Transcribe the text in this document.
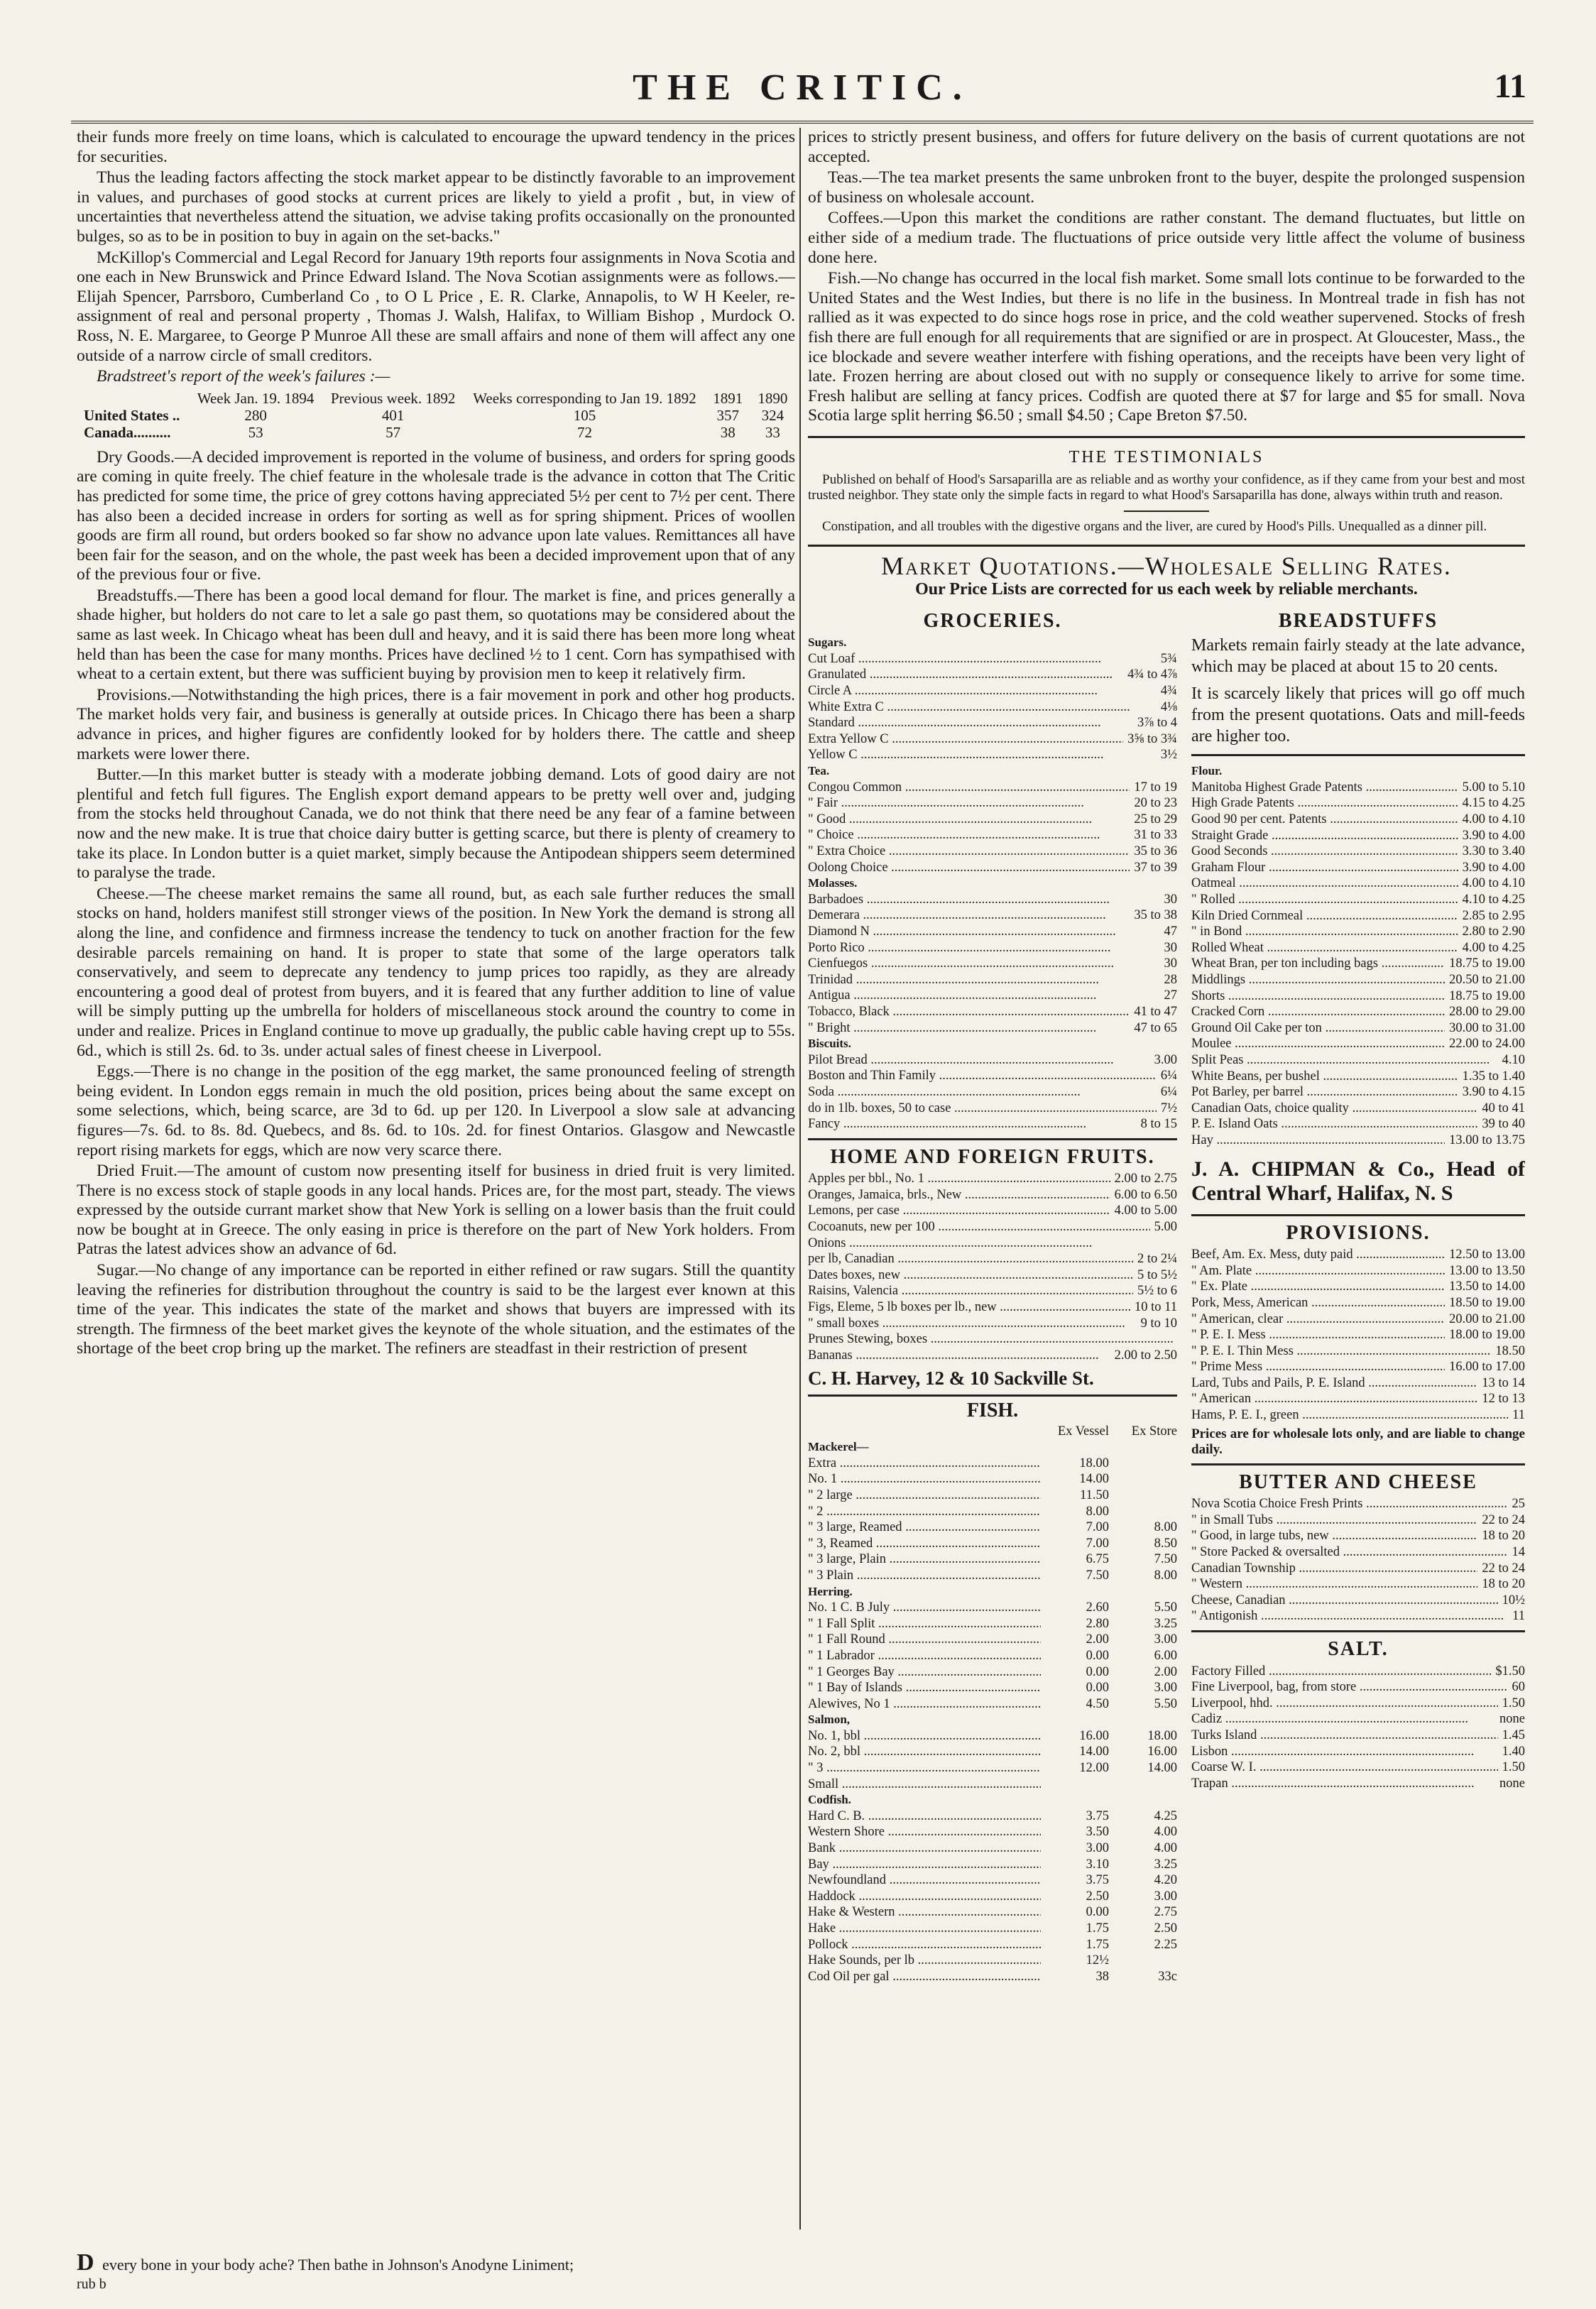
THE CRITIC.	11

their funds more freely on time loans, which is calculated to encourage the upward tendency in the prices for securities.

Thus the leading factors affecting the stock market appear to be distinctly favorable to an improvement in values, and purchases of good stocks at current prices are likely to yield a profit , but, in view of uncertainties that nevertheless attend the situation, we advise taking profits occasionally on the pronounted bulges, so as to be in position to buy in again on the set-backs."

McKillop's Commercial and Legal Record for January 19th reports four assignments in Nova Scotia and one each in New Brunswick and Prince Edward Island. The Nova Scotian assignments were as follows.—Elijah Spencer, Parrsboro, Cumberland Co , to O L Price , E. R. Clarke, Annapolis, to W H Keeler, re-assignment of real and personal property , Thomas J. Walsh, Halifax, to William Bishop , Murdock O. Ross, N. E. Margaree, to George P Munroe All these are small affairs and none of them will affect any one outside of a narrow circle of small creditors.

Bradstreet's report of the week's failures :—

	Week Jan. 19. 1894	Previous week. 1892	Weeks corresponding to Jan 19. 1892	1891	1890
United States ..	280	401	105	357	324
Canada..........	53	57	72	38	33

Dry Goods.—A decided improvement is reported in the volume of business, and orders for spring goods are coming in quite freely. The chief feature in the wholesale trade is the advance in cotton that The Critic has predicted for some time, the price of grey cottons having appreciated 5½ per cent to 7½ per cent. There has also been a decided increase in orders for sorting as well as for spring shipment. Prices of woollen goods are firm all round, but orders booked so far show no advance upon late values. Remittances all have been fair for the season, and on the whole, the past week has been a decided improvement upon that of any of the previous four or five.

Breadstuffs.—There has been a good local demand for flour. The market is fine, and prices generally a shade higher, but holders do not care to let a sale go past them, so quotations may be considered about the same as last week. In Chicago wheat has been dull and heavy, and it is said there has been more long wheat held than has been the case for many months. Prices have declined ½ to 1 cent. Corn has sympathised with wheat to a certain extent, but there was sufficient buying by provision men to keep it relatively firm.

Provisions.—Notwithstanding the high prices, there is a fair movement in pork and other hog products. The market holds very fair, and business is generally at outside prices. In Chicago there has been a sharp advance in prices, and higher figures are confidently looked for by holders there. The cattle and sheep markets were lower there.

Butter.—In this market butter is steady with a moderate jobbing demand. Lots of good dairy are not plentiful and fetch full figures. The English export demand appears to be pretty well over and, judging from the stocks held throughout Canada, we do not think that there need be any fear of a famine between now and the new make. It is true that choice dairy butter is getting scarce, but there is plenty of creamery to take its place. In London butter is a quiet market, simply because the Antipodean shippers seem determined to paralyse the trade.

Cheese.—The cheese market remains the same all round, but, as each sale further reduces the small stocks on hand, holders manifest still stronger views of the position. In New York the demand is strong all along the line, and confidence and firmness increase the tendency to tuck on another fraction for the few desirable parcels remaining on hand. It is proper to state that some of the large operators talk conservatively, and seem to deprecate any tendency to jump prices too rapidly, as they are already encountering a good deal of protest from buyers, and it is feared that any further addition to line of value will be simply putting up the umbrella for holders of miscellaneous stock around the country to come in under and realize. Prices in England continue to move up gradually, the public cable having crept up to 55s. 6d., which is still 2s. 6d. to 3s. under actual sales of finest cheese in Liverpool.

Eggs.—There is no change in the position of the egg market, the same pronounced feeling of strength being evident. In London eggs remain in much the old position, prices being about the same except on some selections, which, being scarce, are 3d to 6d. up per 120. In Liverpool a slow sale at advancing figures—7s. 6d. to 8s. 8d. Quebecs, and 8s. 6d. to 10s. 2d. for finest Ontarios. Glasgow and Newcastle report rising markets for eggs, which are now very scarce there.

Dried Fruit.—The amount of custom now presenting itself for business in dried fruit is very limited. There is no excess stock of staple goods in any local hands. Prices are, for the most part, steady. The views expressed by the outside currant market show that New York is selling on a lower basis than the fruit could now be bought at in Greece. The only easing in price is therefore on the part of New York holders. From Patras the latest advices show an advance of 6d.

Sugar.—No change of any importance can be reported in either refined or raw sugars. Still the quantity leaving the refineries for distribution throughout the country is said to be the largest ever known at this time of the year. This indicates the state of the market and shows that buyers are impressed with its strength. The firmness of the beet market gives the keynote of the whole situation, and the estimates of the shortage of the beet crop bring up the market. The refiners are steadfast in their restriction of present

D every bone in your body ache? Then bathe in Johnson's Anodyne Liniment;
rub b

prices to strictly present business, and offers for future delivery on the basis of current quotations are not accepted.

Teas.—The tea market presents the same unbroken front to the buyer, despite the prolonged suspension of business on wholesale account.

Coffees.—Upon this market the conditions are rather constant. The demand fluctuates, but little on either side of a medium trade. The fluctuations of price outside very little affect the volume of business done here.

Fish.—No change has occurred in the local fish market. Some small lots continue to be forwarded to the United States and the West Indies, but there is no life in the business. In Montreal trade in fish has not rallied as it was expected to do since hogs rose in price, and the cold weather supervened. Stocks of fresh fish there are full enough for all requirements that are signified or are in prospect. At Gloucester, Mass., the ice blockade and severe weather interfere with fishing operations, and the receipts have been very light of late. Frozen herring are about closed out with no supply or consequence likely to arrive for some time. Fresh halibut are selling at fancy prices. Codfish are quoted there at $7 for large and $5 for small. Nova Scotia large split herring $6.50 ; small $4.50 ; Cape Breton $7.50.

THE TESTIMONIALS

Published on behalf of Hood's Sarsaparilla are as reliable and as worthy your confidence, as if they came from your best and most trusted neighbor. They state only the simple facts in regard to what Hood's Sarsaparilla has done, always within truth and reason.

Constipation, and all troubles with the digestive organs and the liver, are cured by Hood's Pills. Unequalled as a dinner pill.

Market Quotations.—Wholesale Selling Rates.
Our Price Lists are corrected for us each week by reliable merchants.
GROCERIES.
Sugars.
Cut Loaf .....	5¾
Granulated .....	4¾ to 4⅞
Circle A .....	4¾
White Extra C .....	4⅛
Standard .....	3⅞ to 4
Extra Yellow C .....	3⅝ to 3¾
Yellow C .....	3½
Tea.
Congou Common .....	17 to 19
" Fair .....	20 to 23
" Good .....	25 to 29
" Choice .....	31 to 33
" Extra Choice .....	35 to 36
Oolong Choice .....	37 to 39
Molasses.
Barbadoes .....	30
Demerara .....	35 to 38
Diamond N .....	47
Porto Rico .....	30
Cienfuegos .....	30
Trinidad .....	28
Antigua .....	27
Tobacco, Black .....	41 to 47
" Bright .....	47 to 65
Biscuits.
Pilot Bread .....	3.00
Boston and Thin Family .....	6¼
Soda .....	6¼
do in 1lb. boxes, 50 to case .....	7½
Fancy .....	8 to 15
HOME AND FOREIGN FRUITS.
Apples per bbl., No. 1 .....	2.00 to 2.75
Oranges, Jamaica, brls., New .....	6.00 to 6.50
Lemons, per case .....	4.00 to 5.00
Cocoanuts, new per 100 .....	5.00
Onions .....
per lb, Canadian .....	2 to 2¼
Dates boxes, new .....	5 to 5½
Raisins, Valencia .....	5½ to 6
Figs, Eleme, 5 lb boxes per lb., new .....	10 to 11
" small boxes .....	9 to 10
Prunes Stewing, boxes .....
Bananas .....	2.00 to 2.50
C. H. Harvey, 12 & 10 Sackville St.
FISH.
Ex Vessel	Ex Store
Mackerel—
Extra .....	18.00
No. 1 .....	14.00
" 2 large .....	11.50
" 2 .....	8.00
" 3 large, Reamed .....	7.00	8.00
" 3, Reamed .....	7.00	8.50
" 3 large, Plain .....	6.75	7.50
" 3 Plain .....	7.50	8.00
Herring.
No. 1 C. B July .....	2.60	5.50
" 1 Fall Split .....	2.80	3.25
" 1 Fall Round .....	2.00	3.00
" 1 Labrador .....	0.00	6.00
" 1 Georges Bay .....	0.00	2.00
" 1 Bay of Islands .....	0.00	3.00
Alewives, No 1 .....	4.50	5.50
Salmon,
No. 1, bbl .....	16.00	18.00
No. 2, bbl .....	14.00	16.00
" 3 .....	12.00	14.00
Small .....
Codfish.
Hard C. B. .....	3.75	4.25
Western Shore .....	3.50	4.00
Bank .....	3.00	4.00
Bay .....	3.10	3.25
Newfoundland .....	3.75	4.20
Haddock .....	2.50	3.00
Hake & Western .....	0.00	2.75
Hake .....	1.75	2.50
Pollock .....	1.75	2.25
Hake Sounds, per lb .....	12½
Cod Oil per gal .....	38	33c
BREADSTUFFS

Markets remain fairly steady at the late advance, which may be placed at about 15 to 20 cents.

It is scarcely likely that prices will go off much from the present quotations. Oats and mill-feeds are higher too.

Flour.
Manitoba Highest Grade Patents .....	5.00 to 5.10
High Grade Patents .....	4.15 to 4.25
Good 90 per cent. Patents .....	4.00 to 4.10
Straight Grade .....	3.90 to 4.00
Good Seconds .....	3.30 to 3.40
Graham Flour .....	3.90 to 4.00
Oatmeal .....	4.00 to 4.10
" Rolled .....	4.10 to 4.25
Kiln Dried Cornmeal .....	2.85 to 2.95
" in Bond .....	2.80 to 2.90
Rolled Wheat .....	4.00 to 4.25
Wheat Bran, per ton including bags .....	18.75 to 19.00
Middlings .....	20.50 to 21.00
Shorts .....	18.75 to 19.00
Cracked Corn .....	28.00 to 29.00
Ground Oil Cake per ton .....	30.00 to 31.00
Moulee .....	22.00 to 24.00
Split Peas .....	4.10
White Beans, per bushel .....	1.35 to 1.40
Pot Barley, per barrel .....	3.90 to 4.15
Canadian Oats, choice quality .....	40 to 41
P. E. Island Oats .....	39 to 40
Hay .....	13.00 to 13.75
J. A. CHIPMAN & Co., Head of Central Wharf, Halifax, N. S
PROVISIONS.
Beef, Am. Ex. Mess, duty paid .....	12.50 to 13.00
" Am. Plate .....	13.00 to 13.50
" Ex. Plate .....	13.50 to 14.00
Pork, Mess, American .....	18.50 to 19.00
" American, clear .....	20.00 to 21.00
" P. E. I. Mess .....	18.00 to 19.00
" P. E. I. Thin Mess .....	18.50
" Prime Mess .....	16.00 to 17.00
Lard, Tubs and Pails, P. E. Island .....	13 to 14
" American .....	12 to 13
Hams, P. E. I., green .....	11
Prices are for wholesale lots only, and are liable to change daily.
BUTTER AND CHEESE
Nova Scotia Choice Fresh Prints .....	25
" in Small Tubs .....	22 to 24
" Good, in large tubs, new .....	18 to 20
" Store Packed & oversalted .....	14
Canadian Township .....	22 to 24
" Western .....	18 to 20
Cheese, Canadian .....	10½
" Antigonish .....	11
SALT.
Factory Filled .....	$1.50
Fine Liverpool, bag, from store .....	60
Liverpool, hhd. .....	1.50
Cadiz .....	none
Turks Island .....	1.45
Lisbon .....	1.40
Coarse W. I. .....	1.50
Trapan .....	none
